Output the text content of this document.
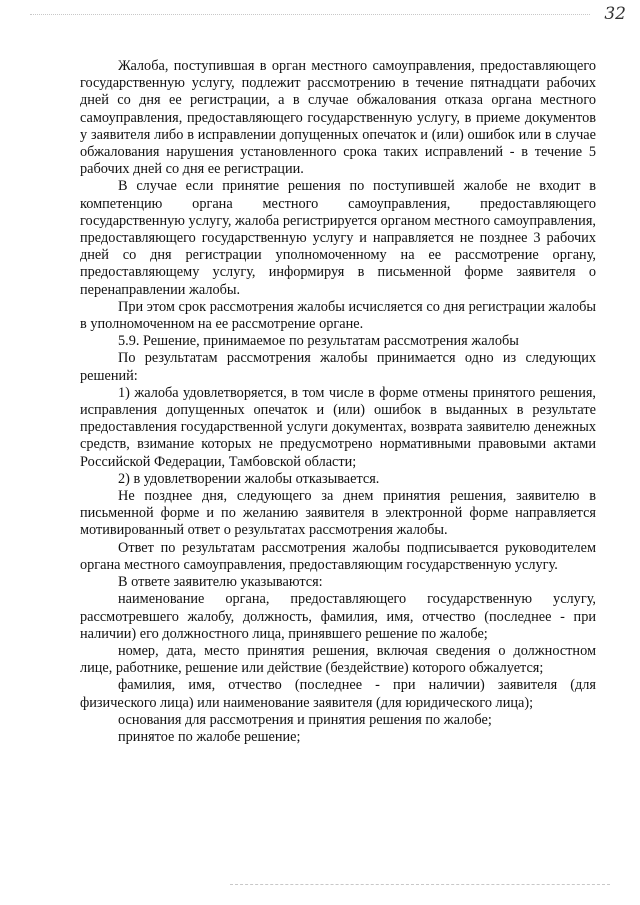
32

Жалоба, поступившая в орган местного самоуправления, предоставляющего государственную услугу, подлежит рассмотрению в течение пятнадцати рабочих дней со дня ее регистрации, а в случае обжалования отказа органа местного самоуправления, предоставляющего государственную услугу, в приеме документов у заявителя либо в исправлении допущенных опечаток и (или) ошибок или в случае обжалования нарушения установленного срока таких исправлений - в течение 5 рабочих дней со дня ее регистрации.

В случае если принятие решения по поступившей жалобе не входит в компетенцию органа местного самоуправления, предоставляющего государственную услугу, жалоба регистрируется органом местного самоуправления, предоставляющего государственную услугу и направляется не позднее 3 рабочих дней со дня регистрации уполномоченному на ее рассмотрение органу, предоставляющему услугу, информируя в письменной форме заявителя о перенаправлении жалобы.

При этом срок рассмотрения жалобы исчисляется со дня регистрации жалобы в уполномоченном на ее рассмотрение органе.

5.9. Решение, принимаемое по результатам рассмотрения жалобы

По результатам рассмотрения жалобы принимается одно из следующих решений:

1) жалоба удовлетворяется, в том числе в форме отмены принятого решения, исправления допущенных опечаток и (или) ошибок в выданных в результате предоставления государственной услуги документах, возврата заявителю денежных средств, взимание которых не предусмотрено нормативными правовыми актами Российской Федерации, Тамбовской области;

2) в удовлетворении жалобы отказывается.

Не позднее дня, следующего за днем принятия решения, заявителю в письменной форме и по желанию заявителя в электронной форме направляется мотивированный ответ о результатах рассмотрения жалобы.

Ответ по результатам рассмотрения жалобы подписывается руководителем органа местного самоуправления, предоставляющим государственную услугу.

В ответе заявителю указываются:

наименование органа, предоставляющего государственную услугу, рассмотревшего жалобу, должность, фамилия, имя, отчество (последнее - при наличии) его должностного лица, принявшего решение по жалобе;

номер, дата, место принятия решения, включая сведения о должностном лице, работнике, решение или действие (бездействие) которого обжалуется;

фамилия, имя, отчество (последнее - при наличии) заявителя (для физического лица) или наименование заявителя (для юридического лица);

основания для рассмотрения и принятия решения по жалобе;

принятое по жалобе решение;
